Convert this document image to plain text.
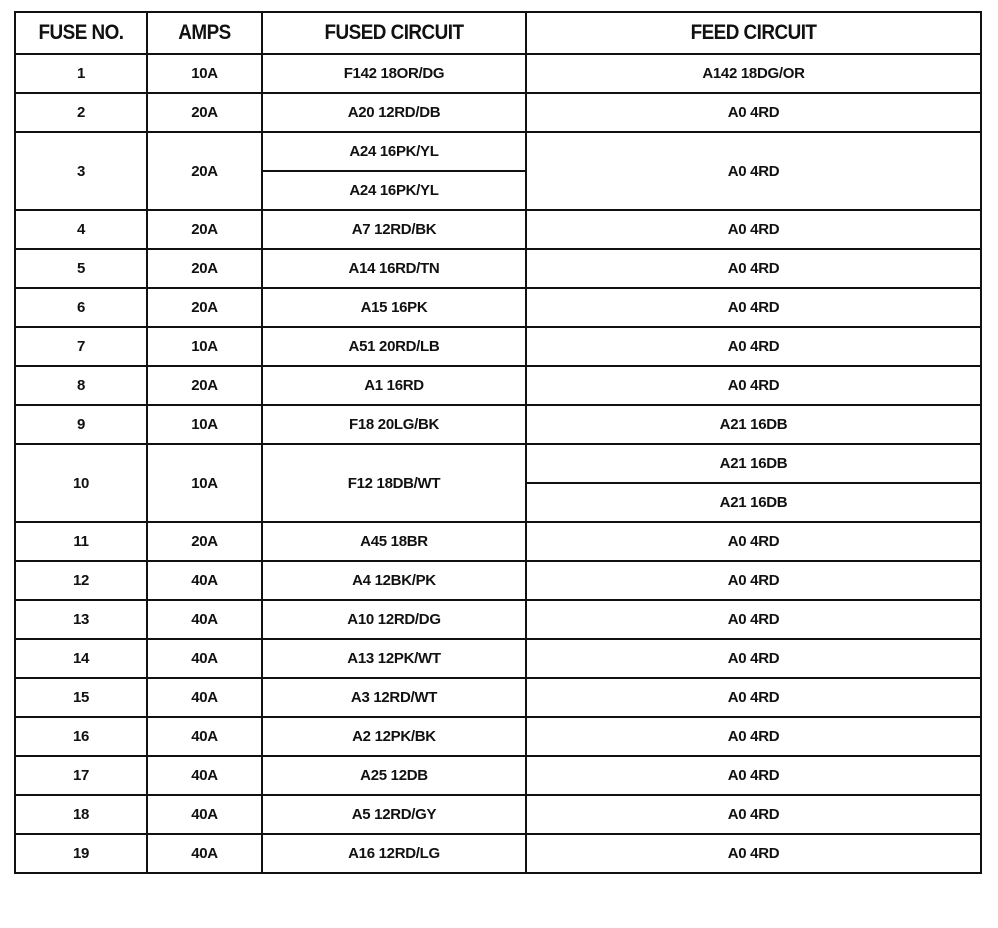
FUSE NO.	AMPS	FUSED CIRCUIT	FEED CIRCUIT
1	10A	F142 18OR/DG	A142 18DG/OR
2	20A	A20 12RD/DB	A0 4RD
3	20A	A24 16PK/YL	A0 4RD
		A24 16PK/YL	
4	20A	A7 12RD/BK	A0 4RD
5	20A	A14 16RD/TN	A0 4RD
6	20A	A15 16PK	A0 4RD
7	10A	A51 20RD/LB	A0 4RD
8	20A	A1 16RD	A0 4RD
9	10A	F18 20LG/BK	A21 16DB
10	10A	F12 18DB/WT	A21 16DB
			A21 16DB
11	20A	A45 18BR	A0 4RD
12	40A	A4 12BK/PK	A0 4RD
13	40A	A10 12RD/DG	A0 4RD
14	40A	A13 12PK/WT	A0 4RD
15	40A	A3 12RD/WT	A0 4RD
16	40A	A2 12PK/BK	A0 4RD
17	40A	A25 12DB	A0 4RD
18	40A	A5 12RD/GY	A0 4RD
19	40A	A16 12RD/LG	A0 4RD
